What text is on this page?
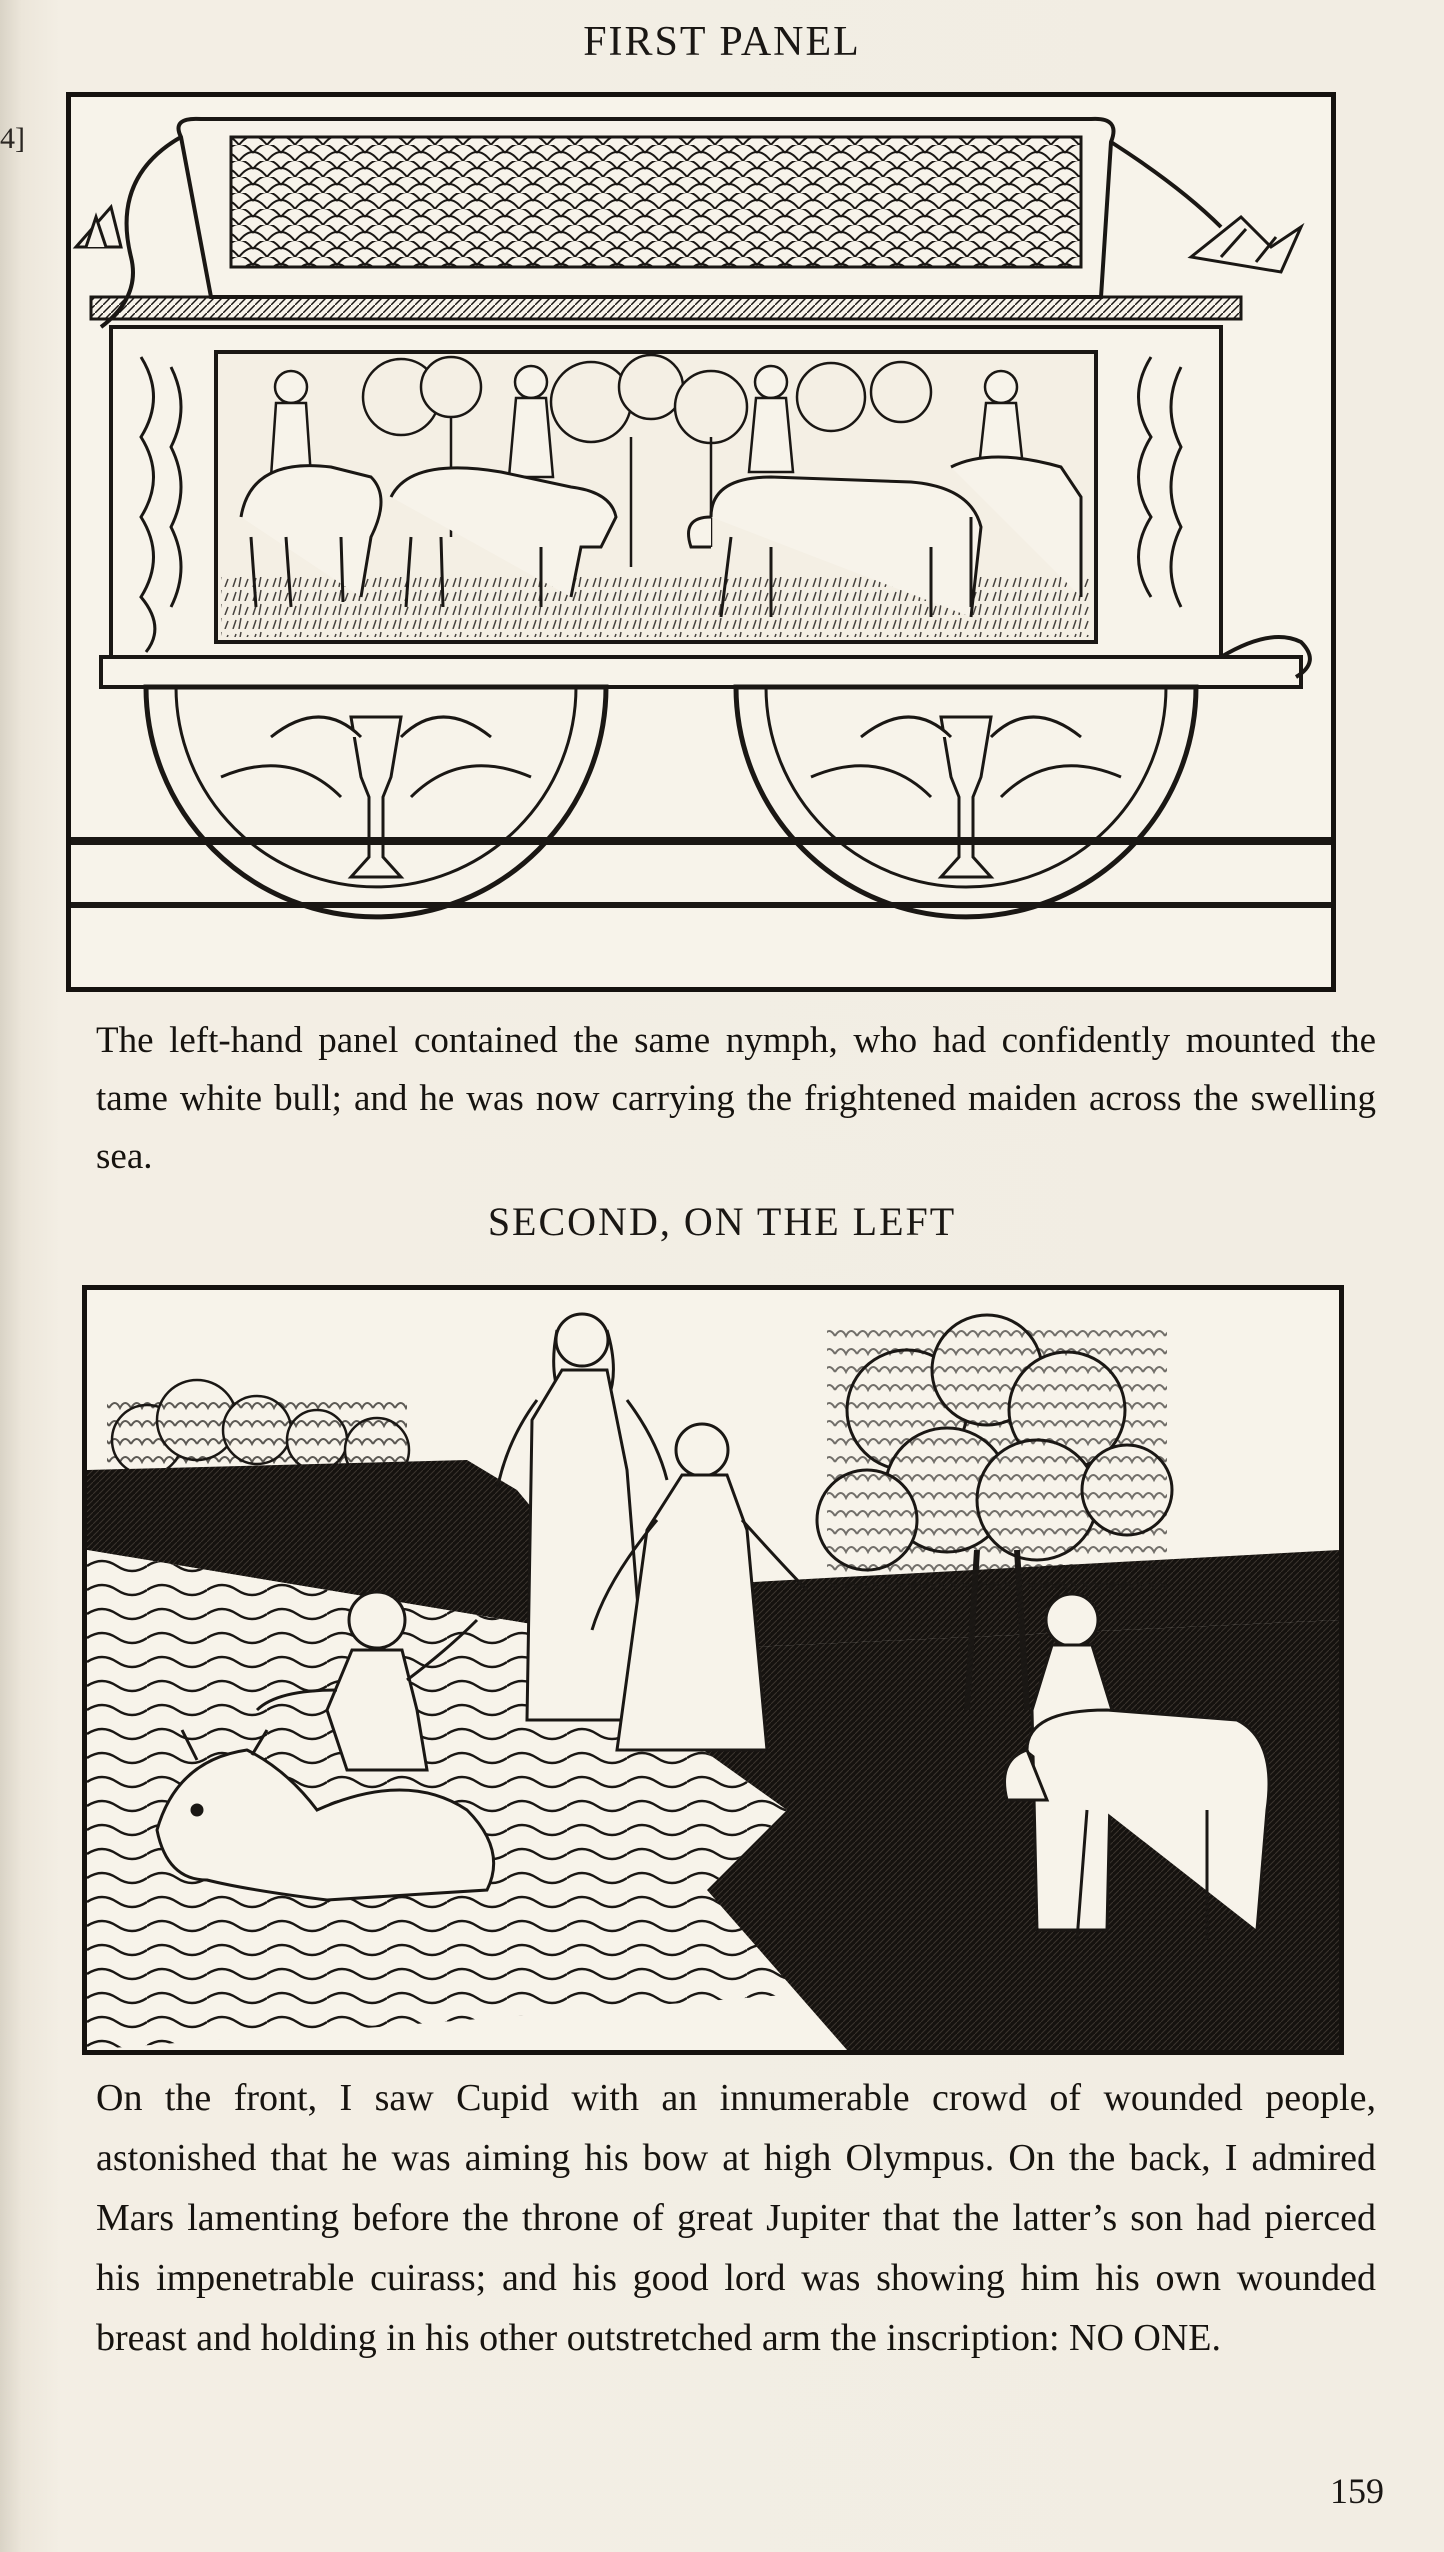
4]
FIRST PANEL
The left-hand panel contained the same nymph, who had confidently mounted the tame white bull; and he was now carrying the frightened maiden across the swelling sea.
SECOND, ON THE LEFT
On the front, I saw Cupid with an innumerable crowd of wounded people, astonished that he was aiming his bow at high Olympus. On the back, I admired Mars lamenting before the throne of great Jupiter that the latter’s son had pierced his impenetrable cuirass; and his good lord was showing him his own wounded breast and holding in his other outstretched arm the inscription: NO ONE.
159
